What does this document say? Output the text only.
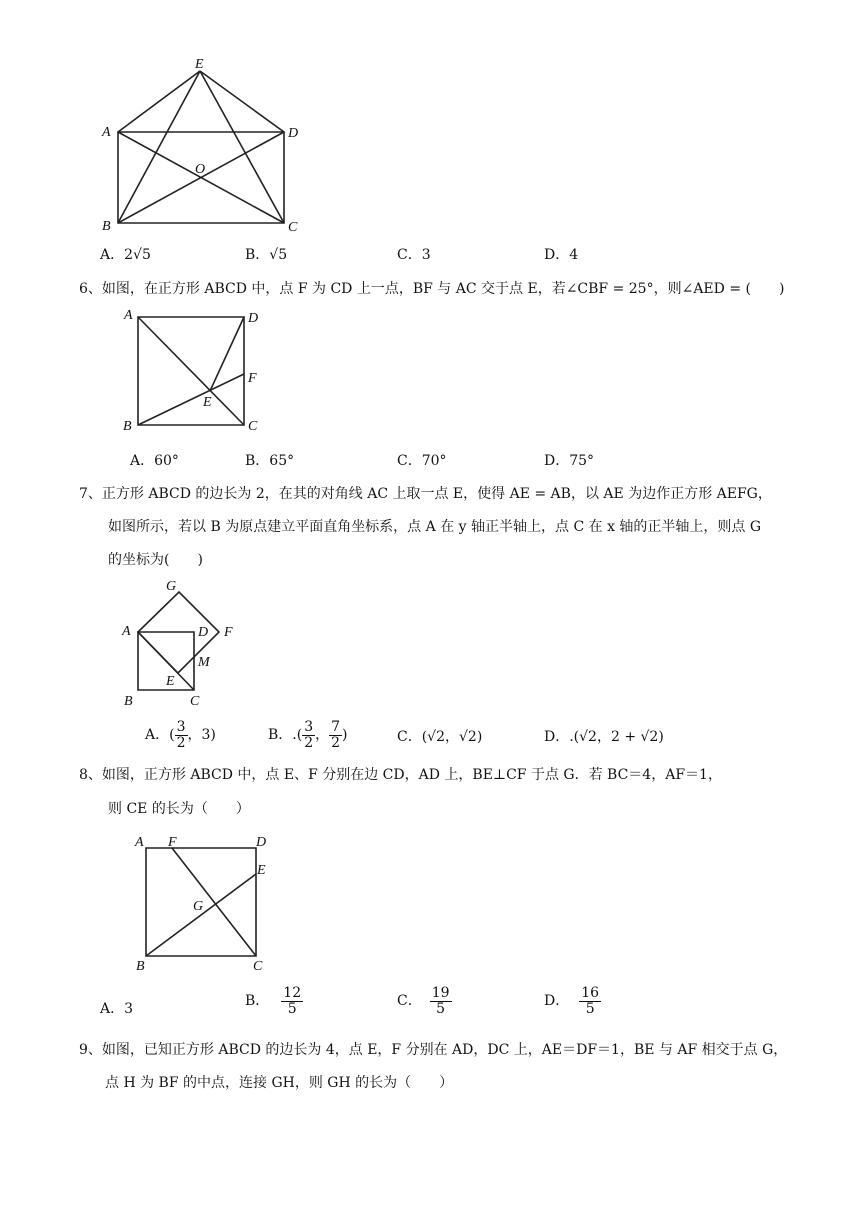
E
A	D
O
B	C
A．2√5	B．√5	C．3	D．4
6、如图，在正方形 ABCD 中，点 F 为 CD 上一点，BF 与 AC 交于点 E，若∠CBF = 25°，则∠AED = (　　)
A	D
F
E
B	C
A．60°	B．65°	C．70°	D．75°
7、正方形 ABCD 的边长为 2，在其的对角线 AC 上取一点 E，使得 AE = AB，以 AE 为边作正方形 AEFG，
如图所示，若以 B 为原点建立平面直角坐标系，点 A 在 y 轴正半轴上，点 C 在 x 轴的正半轴上，则点 G
的坐标为(　　)
G
A	D F
M
E
B	C
A．( $\frac{3}{2}$ ，3)	B．.( $\frac{3}{2}$ ， $\frac{7}{2}$ )	C．(√2，√2)	D．.(√2，2 + √2)
8、如图，正方形 ABCD 中，点 E、F 分别在边 CD，AD 上，BE⊥CF 于点 G．若 BC＝4，AF＝1，
则 CE 的长为（　　）
A F	D
E
G
B	C
A．3	B． $\frac{12}{5}$	C． $\frac{19}{5}$	D． $\frac{16}{5}$
9、如图，已知正方形 ABCD 的边长为 4，点 E，F 分别在 AD，DC 上，AE＝DF＝1，BE 与 AF 相交于点 G，
点 H 为 BF 的中点，连接 GH，则 GH 的长为（　　）
